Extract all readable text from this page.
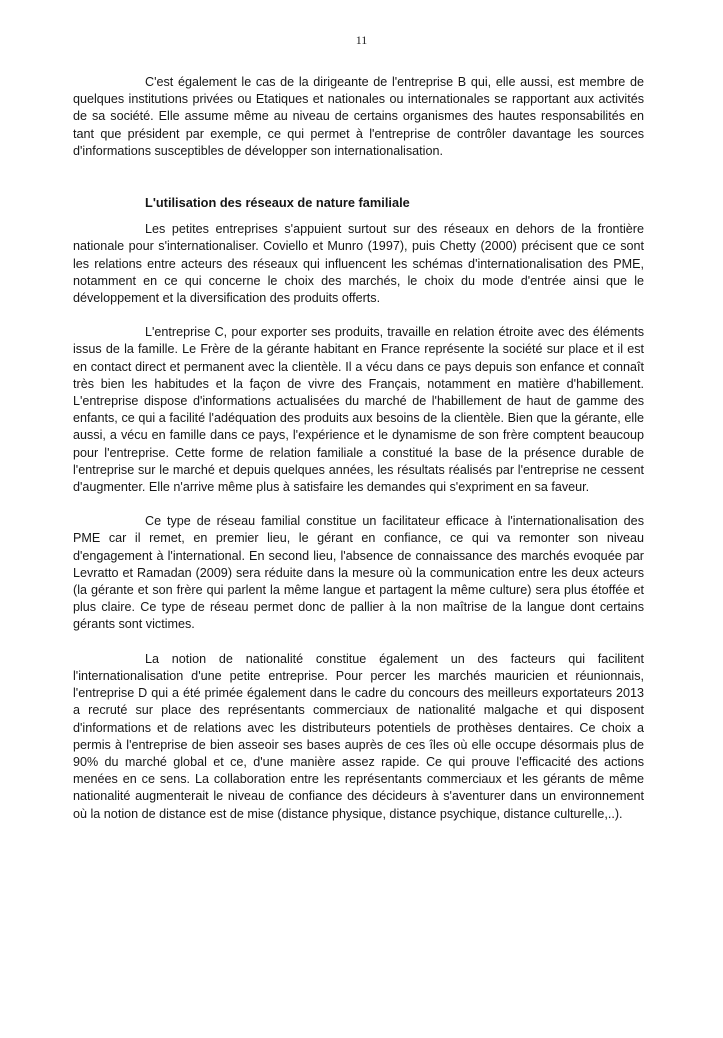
11

C'est également le cas de la dirigeante de l'entreprise B qui, elle aussi, est membre de quelques institutions privées ou Etatiques et nationales ou internationales se rapportant aux activités de sa société. Elle assume même au niveau de certains organismes des hautes responsabilités en tant que président par exemple, ce qui permet à l'entreprise de contrôler davantage les sources d'informations susceptibles de développer son internationalisation.

L'utilisation des réseaux de nature familiale

Les petites entreprises s'appuient surtout sur des réseaux en dehors de la frontière nationale pour s'internationaliser. Coviello et Munro (1997), puis Chetty (2000) précisent que ce sont les relations entre acteurs des réseaux qui influencent les schémas d'internationalisation des PME, notamment en ce qui concerne le choix des marchés, le choix du mode d'entrée ainsi que le développement et la diversification des produits offerts.

L'entreprise C, pour exporter ses produits, travaille en relation étroite avec des éléments issus de la famille. Le Frère de la gérante habitant en France représente la société sur place et il est en contact direct et permanent avec la clientèle. Il a vécu dans ce pays depuis son enfance et connaît très bien les habitudes et la façon de vivre des Français, notamment en matière d'habillement. L'entreprise dispose d'informations actualisées du marché de l'habillement de haut de gamme des enfants, ce qui a facilité l'adéquation des produits aux besoins de la clientèle. Bien que la gérante, elle aussi, a vécu en famille dans ce pays, l'expérience et le dynamisme de son frère comptent beaucoup pour l'entreprise. Cette forme de relation familiale a constitué la base de la présence durable de l'entreprise sur le marché et depuis quelques années, les résultats réalisés par l'entreprise ne cessent d'augmenter. Elle n'arrive même plus à satisfaire les demandes qui s'expriment en sa faveur.

Ce type de réseau familial constitue un facilitateur efficace à l'internationalisation des PME car il remet, en premier lieu, le gérant en confiance, ce qui va remonter son niveau d'engagement à l'international. En second lieu, l'absence de connaissance des marchés evoquée par Levratto et Ramadan (2009) sera réduite dans la mesure où la communication entre les deux acteurs (la gérante et son frère qui parlent la même langue et partagent la même culture) sera plus étoffée et plus claire. Ce type de réseau permet donc de pallier à la non maîtrise de la langue dont certains gérants sont victimes.

La notion de nationalité constitue également un des facteurs qui facilitent l'internationalisation d'une petite entreprise. Pour percer les marchés mauricien et réunionnais, l'entreprise D qui a été primée également dans le cadre du concours des meilleurs exportateurs 2013 a recruté sur place des représentants commerciaux de nationalité malgache et qui disposent d'informations et de relations avec les distributeurs potentiels de prothèses dentaires. Ce choix a permis à l'entreprise de bien asseoir ses bases auprès de ces îles où elle occupe désormais plus de 90% du marché global et ce, d'une manière assez rapide. Ce qui prouve l'efficacité des actions menées en ce sens. La collaboration entre les représentants commerciaux et les gérants de même nationalité augmenterait le niveau de confiance des décideurs à s'aventurer dans un environnement où la notion de distance est de mise (distance physique, distance psychique, distance culturelle,..).
